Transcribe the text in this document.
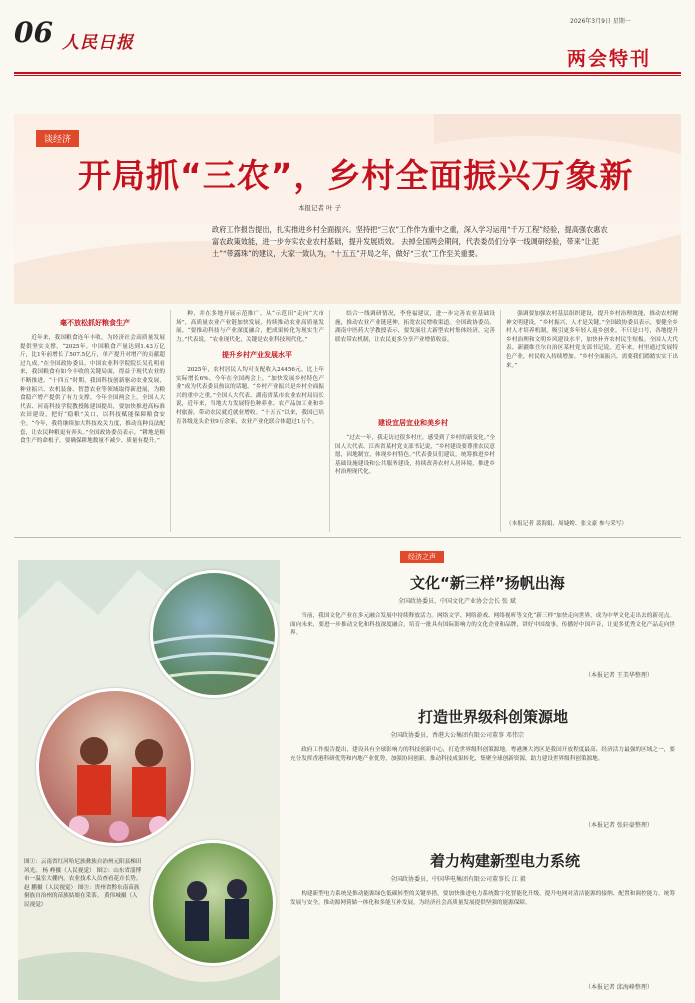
06 人民日报
2026年3月9日 星期一
两会特刊
谈经济
开局抓“三农”，乡村全面振兴万象新
本报记者 叶 子
政府工作报告提出，扎实推进乡村全面振兴。坚持把“三农”工作作为重中之重，深入学习运用“千万工程”经验，提高强农惠农富农政策效能，进一步夯实农业农村基础，提升发展质效。 去掉全国两会期间，代表委员们分享一线调研经验，带来“让泥土”“带露珠”的建议，大家一致认为，“十五五”开局之年，做好“三农”工作至关重要。
毫不放松抓好粮食生产

近年来，我国粮食连年丰收，为经济社会高质量发展提供坚实支撑。“2025年，中国粮食产量达到1.43万亿斤，比1年前增长了507.5亿斤，单产提升对增产的贡献超过九成。”在全国政协委员、中国农业科学院院长吴孔明看来，我国粮食有如今丰收的关键局面，得益于现代农业的不断推进。“十四五”时期，我国科技创新驱动农业发展，种业振兴、农机装备、智慧农业等领域取得新进展，为粮食稳产增产提供了有力支撑。今年全国两会上，全国人大代表、河南科技学院教授陈建国提出，要加快推进高标准农田建设，把好“稳粮”关口，以科技赋能保障粮食安全。“今年，我将继续加大科技攻关力度，推动良种良法配套，让农民种粮更有奔头。”全国政协委员表示。“耕地是粮食生产的命根子，要确保耕地数量不减少、质量有提升。”

种，并在多地开展示范推广。从“示范田”走向“大市场”，高质量农业产业链加快发展，持续推动农业高质量发展。“要推动科技与产业深度融合，把成果转化为现实生产力。”代表说，“农业现代化，关键是农业科技现代化。”

提升乡村产业发展水平

2025年，农村居民人均可支配收入24456元，比上年实际增长6%。今年在全国两会上，“加快发展乡村特色产业”成为代表委员热议的话题。“乡村产业振兴是乡村全面振兴的重中之重。”全国人大代表、湖南省某市农业农村局局长说，近年来，当地大力发展特色种养业、农产品加工业和乡村旅游，带动农民就近就业增收。“十五五”以来，我国已培育各级龙头企业9万余家，农业产业化联合体超过1万个。

结合一线调研情况，李登福建议，进一步完善农业基础设施，推动农业产业链延伸，拓宽农民增收渠道。全国政协委员、湖南中医药大学教授表示，要发展壮大新型农村集体经济，完善联农带农机制，让农民更多分享产业增值收益。

建设宜居宜业和美乡村

“过去一年，我走访过很多村庄，感受到了乡村的新变化。”全国人大代表、江西省某村党支部书记说，“乡村建设要尊重农民意愿，因地制宜，体现乡村特色。”代表委员们建议，统筹推进乡村基础设施建设和公共服务建设，持续改善农村人居环境，推进乡村治理现代化。

强调要加强农村基层组织建设，提升乡村治理效能，推动农村精神文明建设。“乡村振兴，人才是关键。”全国政协委员表示，要健全乡村人才培养机制，吸引更多年轻人返乡创业。不只是口号，各地提升乡村治理和文明乡风建设水平，加快补齐农村民生短板。全国人大代表、新疆维吾尔自治区某村党支部书记说，近年来，村里通过发展特色产业，村民收入持续增加。“乡村全面振兴，需要我们踏踏实实干出来。”

（本报记者 裴海娟、周婕娉、张文豪 参与采写）
图①：云南省红河哈尼族彝族自治州元阳县梯田风光。 杨 峥摄（人民视觉） 图②：山东省淄博市一温室大棚内，农业技术人员查看花卉长势。 赵 鹏摄（人民视觉） 图③：贵州省黔东南苗族侗族自治州的苗族姑娘在采茶。 黄伟城摄（人民视觉）
经济之声
文化“新三样”扬帆出海
全国政协委员、中国文化产业协会会长 张 斌

当前，我国文化产业在多元融合发展中持续释放活力。网络文学、网络游戏、网络视听等文化“新三样”加快走向世界，成为中华文化走出去的新亮点。面向未来，要进一步推动文化和科技深度融合，培育一批具有国际影响力的文化企业和品牌，讲好中国故事，传播好中国声音，让更多优秀文化产品走向世界。

（本报记者 王美华整理）
打造世界级科创策源地
全国政协委员、香港大公集团有限公司董事 邓伟宗

政府工作报告提出，建设具有全球影响力的科技创新中心，打造世界级科创策源地。粤港澳大湾区是我国开放程度最高、经济活力最强的区域之一，要充分发挥香港科研优势和内地产业优势，加强协同创新，推动科技成果转化，集聚全球创新资源，助力建设世界级科创策源地。

（本报记者 张轩豪整理）
着力构建新型电力系统
全国政协委员、中国华电集团有限公司董事长 江 毅

构建新型电力系统是推动能源绿色低碳转型的关键举措。要加快推进电力系统数字化智能化升级，提升电网对清洁能源的接纳、配置和调控能力，统筹发展与安全，推动源网荷储一体化和多能互补发展，为经济社会高质量发展提供坚强的能源保障。

（本报记者 邱海峰整理）
